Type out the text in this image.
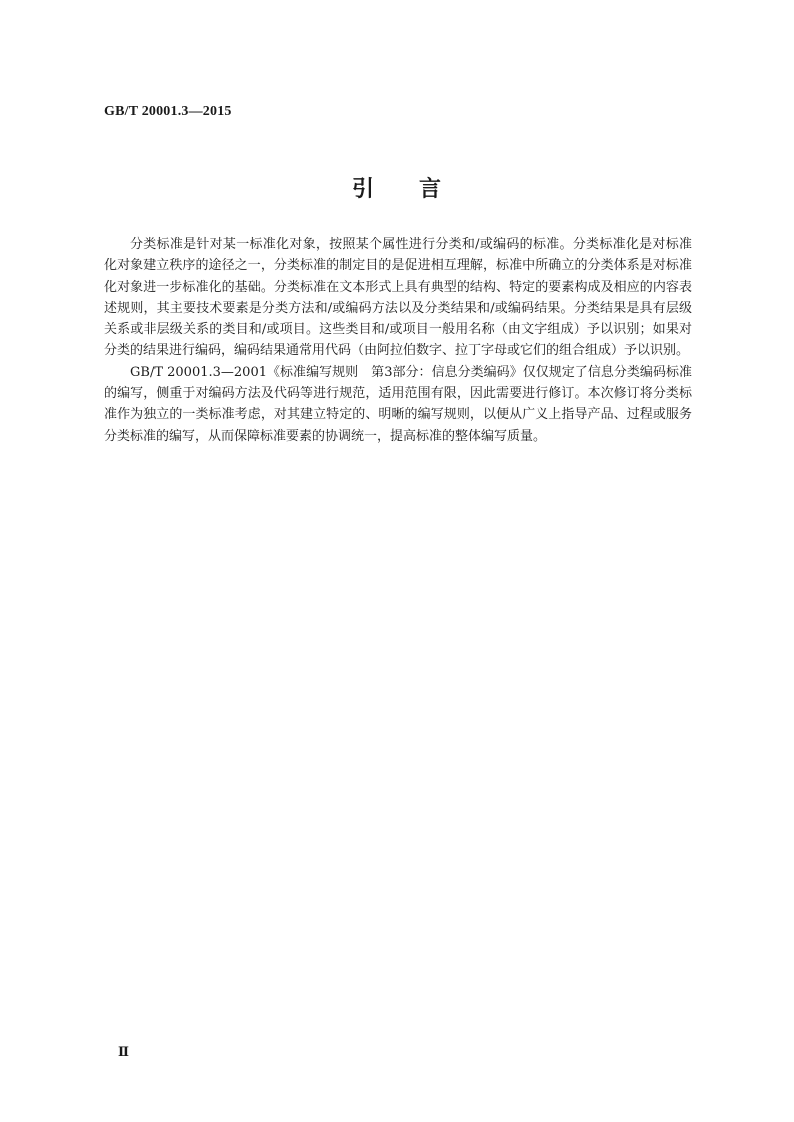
GB/T 20001.3—2015
引 言

分类标准是针对某一标准化对象，按照某个属性进行分类和/或编码的标准。分类标准化是对标准化对象建立秩序的途径之一，分类标准的制定目的是促进相互理解，标准中所确立的分类体系是对标准化对象进一步标准化的基础。分类标准在文本形式上具有典型的结构、特定的要素构成及相应的内容表述规则，其主要技术要素是分类方法和/或编码方法以及分类结果和/或编码结果。分类结果是具有层级关系或非层级关系的类目和/或项目。这些类目和/或项目一般用名称（由文字组成）予以识别；如果对分类的结果进行编码，编码结果通常用代码（由阿拉伯数字、拉丁字母或它们的组合组成）予以识别。

GB/T 20001.3—2001《标准编写规则　第3部分：信息分类编码》仅仅规定了信息分类编码标准的编写，侧重于对编码方法及代码等进行规范，适用范围有限，因此需要进行修订。本次修订将分类标准作为独立的一类标准考虑，对其建立特定的、明晰的编写规则，以便从广义上指导产品、过程或服务分类标准的编写，从而保障标准要素的协调统一，提高标准的整体编写质量。

Ⅱ
